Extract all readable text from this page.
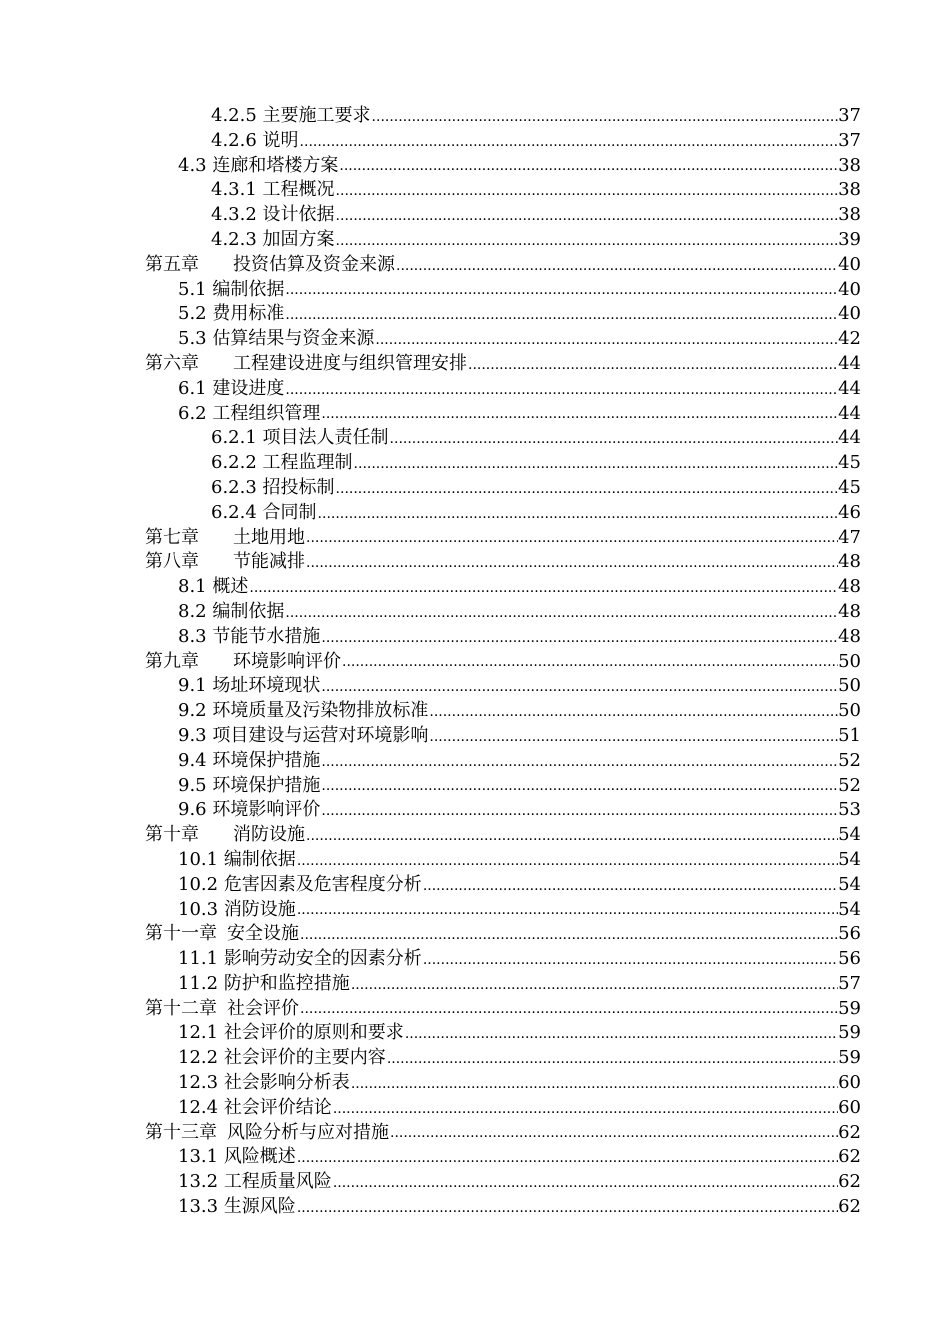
4.2.5 主要施工要求 .....	37
4.2.6 说明 .....	37
4.3 连廊和塔楼方案 .....	38
4.3.1 工程概况 .....	38
4.3.2 设计依据 .....	38
4.2.3 加固方案 .....	39
第五章 投资估算及资金来源 .....	40
5.1 编制依据 .....	40
5.2 费用标准 .....	40
5.3 估算结果与资金来源 .....	42
第六章 工程建设进度与组织管理安排 .....	44
6.1 建设进度 .....	44
6.2 工程组织管理 .....	44
6.2.1 项目法人责任制 .....	44
6.2.2 工程监理制 .....	45
6.2.3 招投标制 .....	45
6.2.4 合同制 .....	46
第七章 土地用地 .....	47
第八章 节能减排 .....	48
8.1 概述 .....	48
8.2 编制依据 .....	48
8.3 节能节水措施 .....	48
第九章 环境影响评价 .....	50
9.1 场址环境现状 .....	50
9.2 环境质量及污染物排放标准 .....	50
9.3 项目建设与运营对环境影响 .....	51
9.4 环境保护措施 .....	52
9.5 环境保护措施 .....	52
9.6 环境影响评价 .....	53
第十章 消防设施 .....	54
10.1 编制依据 .....	54
10.2 危害因素及危害程度分析 .....	54
10.3 消防设施 .....	54
第十一章 安全设施 .....	56
11.1 影响劳动安全的因素分析 .....	56
11.2 防护和监控措施 .....	57
第十二章 社会评价 .....	59
12.1 社会评价的原则和要求 .....	59
12.2 社会评价的主要内容 .....	59
12.3 社会影响分析表 .....	60
12.4 社会评价结论 .....	60
第十三章 风险分析与应对措施 .....	62
13.1 风险概述 .....	62
13.2 工程质量风险 .....	62
13.3 生源风险 .....	62
